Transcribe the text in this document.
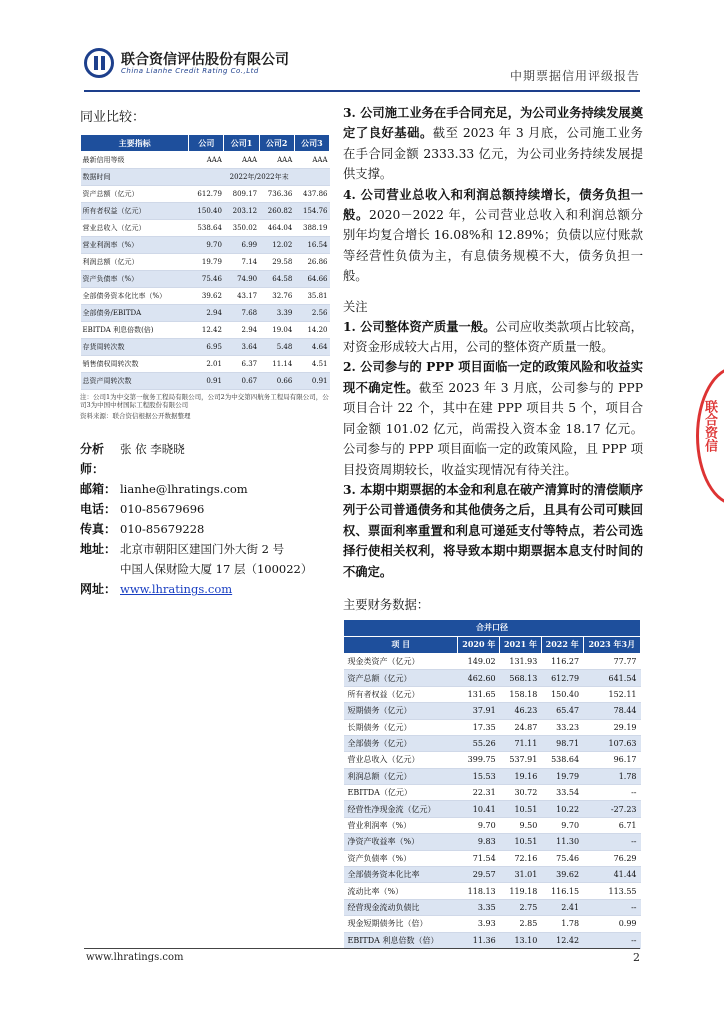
联合资信评估股份有限公司
China Lianhe Credit Rating Co.,Ltd	中期票据信用评级报告
同业比较：
主要指标	公司	公司1	公司2	公司3
最新信用等级	AAA	AAA	AAA	AAA
数据时间	2022年/2022年末			
资产总额（亿元）	612.79	809.17	736.36	437.86
所有者权益（亿元）	150.40	203.12	260.82	154.76
营业总收入（亿元）	538.64	350.02	464.04	388.19
营业利润率（%）	9.70	6.99	12.02	16.54
利润总额（亿元）	19.79	7.14	29.58	26.86
资产负债率（%）	75.46	74.90	64.58	64.66
全部债务资本化比率（%）	39.62	43.17	32.76	35.81
全部债务/EBITDA	2.94	7.68	3.39	2.56
EBITDA 利息倍数(倍)	12.42	2.94	19.04	14.20
存货周转次数	6.95	3.64	5.48	4.64
销售债权周转次数	2.01	6.37	11.14	4.51
总资产周转次数	0.91	0.67	0.66	0.91
注：公司1为中交第一航务工程局有限公司，公司2为中交第四航务工程局有限公司，公司3为中国中材国际工程股份有限公司
资料来源：联合资信根据公开数据整理
分析师：
张 依 李晓晓
邮箱： lianhe@lhratings.com
电话： 010-85679696
传真： 010-85679228
地址： 北京市朝阳区建国门外大街 2 号
中国人保财险大厦 17 层（100022）
网址： www.lhratings.com

3. 公司施工业务在手合同充足，为公司业务持续发展奠定了良好基础。截至 2023 年 3 月底，公司施工业务在手合同金额 2333.33 亿元，为公司业务持续发展提供支撑。

4. 公司营业总收入和利润总额持续增长，债务负担一般。2020－2022 年，公司营业总收入和利润总额分别年均复合增长 16.08%和 12.89%；负债以应付账款等经营性负债为主，有息债务规模不大，债务负担一般。

关注

1. 公司整体资产质量一般。公司应收类款项占比较高，对资金形成较大占用，公司的整体资产质量一般。

2. 公司参与的 PPP 项目面临一定的政策风险和收益实现不确定性。截至 2023 年 3 月底，公司参与的 PPP 项目合计 22 个，其中在建 PPP 项目共 5 个，项目合同金额 101.02 亿元，尚需投入资本金 18.17 亿元。公司参与的 PPP 项目面临一定的政策风险，且 PPP 项目投资周期较长，收益实现情况有待关注。

3. 本期中期票据的本金和利息在破产清算时的清偿顺序列于公司普通债务和其他债务之后，且具有公司可赎回权、票面利率重置和利息可递延支付等特点，若公司选择行使相关权利，将导致本期中期票据本息支付时间的不确定。

主要财务数据：
合并口径				
项 目	2020 年	2021 年	2022 年	2023 年3月
现金类资产（亿元）	149.02	131.93	116.27	77.77
资产总额（亿元）	462.60	568.13	612.79	641.54
所有者权益（亿元）	131.65	158.18	150.40	152.11
短期债务（亿元）	37.91	46.23	65.47	78.44
长期债务（亿元）	17.35	24.87	33.23	29.19
全部债务（亿元）	55.26	71.11	98.71	107.63
营业总收入（亿元）	399.75	537.91	538.64	96.17
利润总额（亿元）	15.53	19.16	19.79	1.78
EBITDA（亿元）	22.31	30.72	33.54	--
经营性净现金流（亿元）	10.41	10.51	10.22	-27.23
营业利润率（%）	9.70	9.50	9.70	6.71
净资产收益率（%）	9.83	10.51	11.30	--
资产负债率（%）	71.54	72.16	75.46	76.29
全部债务资本化比率	29.57	31.01	39.62	41.44
流动比率（%）	118.13	119.18	116.15	113.55
经营现金流动负债比	3.35	2.75	2.41	--
现金短期债务比（倍）	3.93	2.85	1.78	0.99
EBITDA 利息倍数（倍）	11.36	13.10	12.42	--
联合资信
www.lhratings.com	2
